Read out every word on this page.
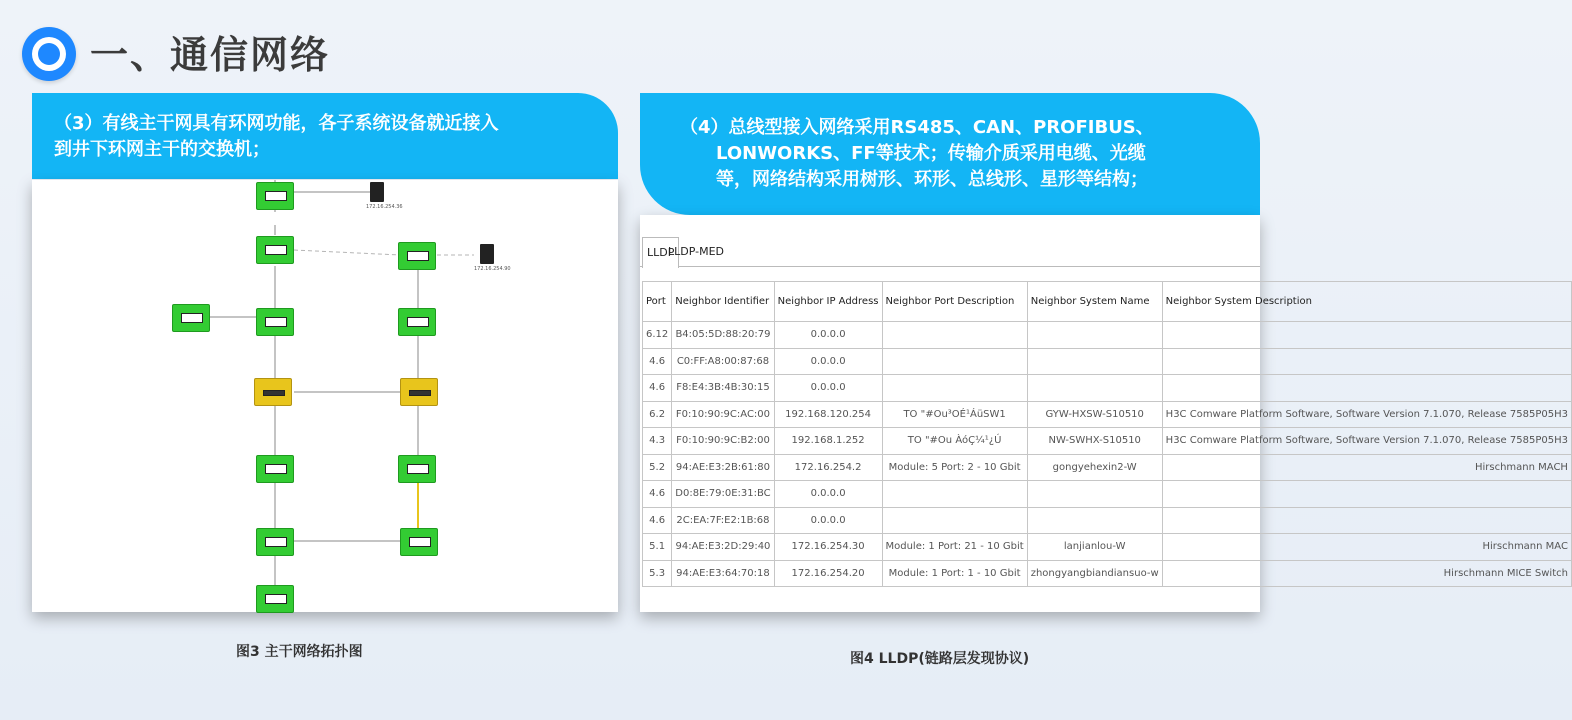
一、通信网络
（3）有线主干网具有环网功能，各子系统设备就近接入
到井下环网主干的交换机；
（4）总线型接入网络采用RS485、CAN、PROFIBUS、
LONWORKS、FF等技术；传输介质采用电缆、光缆
等，网络结构采用树形、环形、总线形、星形等结构；
172.16.254.36
172.16.254.90
LLDP
LLDP-MED
Port	Neighbor Identifier	Neighbor IP Address	Neighbor Port Description	Neighbor System Name	Neighbor System Description
6.12	B4:05:5D:88:20:79	0.0.0.0			
4.6	C0:FF:A8:00:87:68	0.0.0.0			
4.6	F8:E4:3B:4B:30:15	0.0.0.0			
6.2	F0:10:90:9C:AC:00	192.168.120.254	TO "#Ou³OÉ¹ÁüSW1	GYW-HXSW-S10510	H3C Comware Platform Software, Software Version 7.1.070, Release 7585P05H3
4.3	F0:10:90:9C:B2:00	192.168.1.252	TO "#Ou ÀóÇ¼¹¿Ú	NW-SWHX-S10510	H3C Comware Platform Software, Software Version 7.1.070, Release 7585P05H3
5.2	94:AE:E3:2B:61:80	172.16.254.2	Module: 5 Port: 2 - 10 Gbit	gongyehexin2-W	Hirschmann MACH
4.6	D0:8E:79:0E:31:BC	0.0.0.0			
4.6	2C:EA:7F:E2:1B:68	0.0.0.0			
5.1	94:AE:E3:2D:29:40	172.16.254.30	Module: 1 Port: 21 - 10 Gbit	lanjianlou-W	Hirschmann MAC
5.3	94:AE:E3:64:70:18	172.16.254.20	Module: 1 Port: 1 - 10 Gbit	zhongyangbiandiansuo-w	Hirschmann MICE Switch
图3 主干网络拓扑图	图4 LLDP(链路层发现协议)
